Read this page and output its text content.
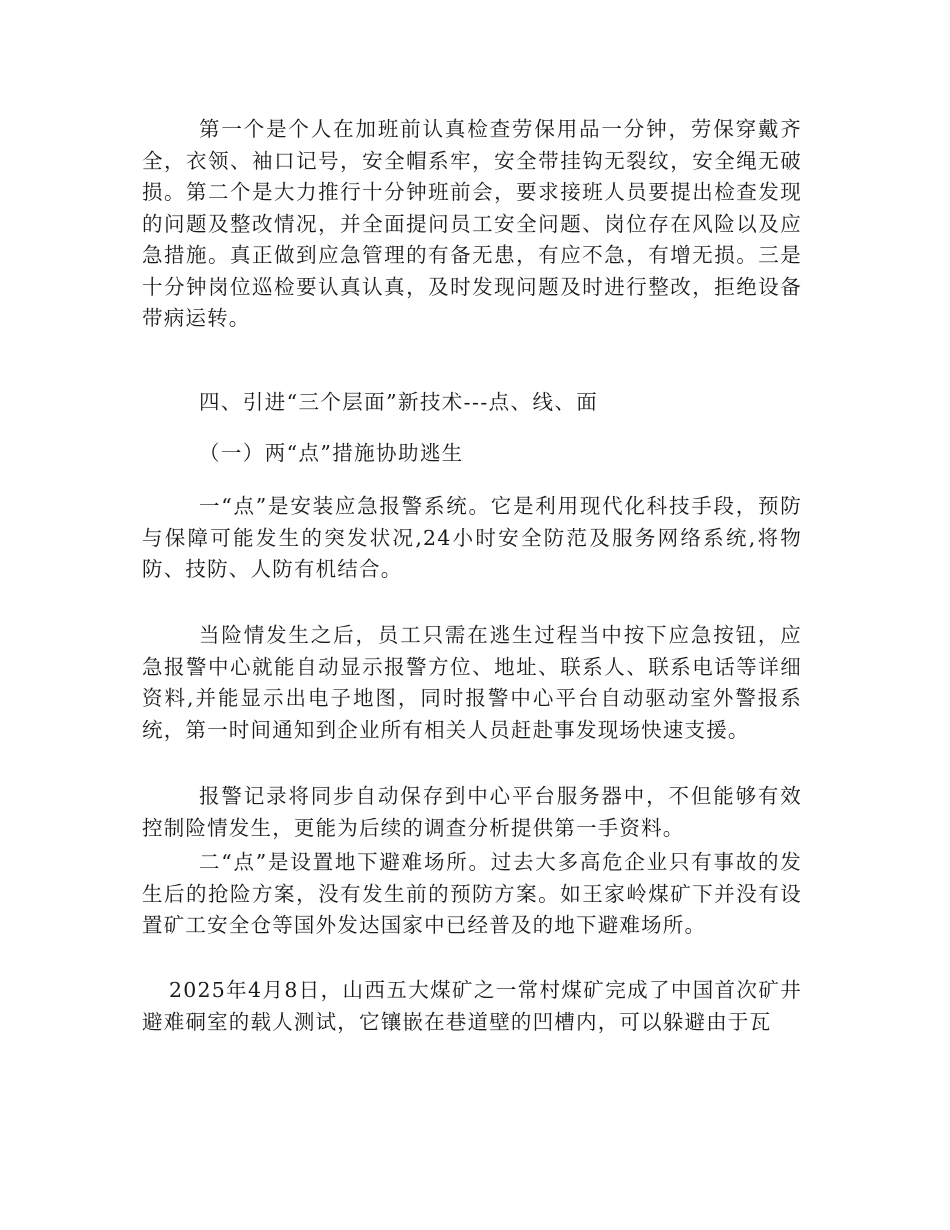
第一个是个人在加班前认真检查劳保用品一分钟，劳保穿戴齐全，衣领、袖口记号，安全帽系牢，安全带挂钩无裂纹，安全绳无破损。第二个是大力推行十分钟班前会，要求接班人员要提出检查发现的问题及整改情况，并全面提问员工安全问题、岗位存在风险以及应急措施。真正做到应急管理的有备无患，有应不急，有增无损。三是十分钟岗位巡检要认真认真，及时发现问题及时进行整改，拒绝设备带病运转。

四、引进“三个层面”新技术---点、线、面

（一）两“点”措施协助逃生

一“点”是安装应急报警系统。它是利用现代化科技手段，预防与保障可能发生的突发状况,24小时安全防范及服务网络系统,将物防、技防、人防有机结合。

当险情发生之后，员工只需在逃生过程当中按下应急按钮，应急报警中心就能自动显示报警方位、地址、联系人、联系电话等详细资料,并能显示出电子地图，同时报警中心平台自动驱动室外警报系统，第一时间通知到企业所有相关人员赶赴事发现场快速支援。

报警记录将同步自动保存到中心平台服务器中，不但能够有效控制险情发生，更能为后续的调查分析提供第一手资料。

二“点”是设置地下避难场所。过去大多高危企业只有事故的发生后的抢险方案，没有发生前的预防方案。如王家岭煤矿下并没有设置矿工安全仓等国外发达国家中已经普及的地下避难场所。

2025年4月8日，山西五大煤矿之一常村煤矿完成了中国首次矿井避难硐室的载人测试，它镶嵌在巷道壁的凹槽内，可以躲避由于瓦
